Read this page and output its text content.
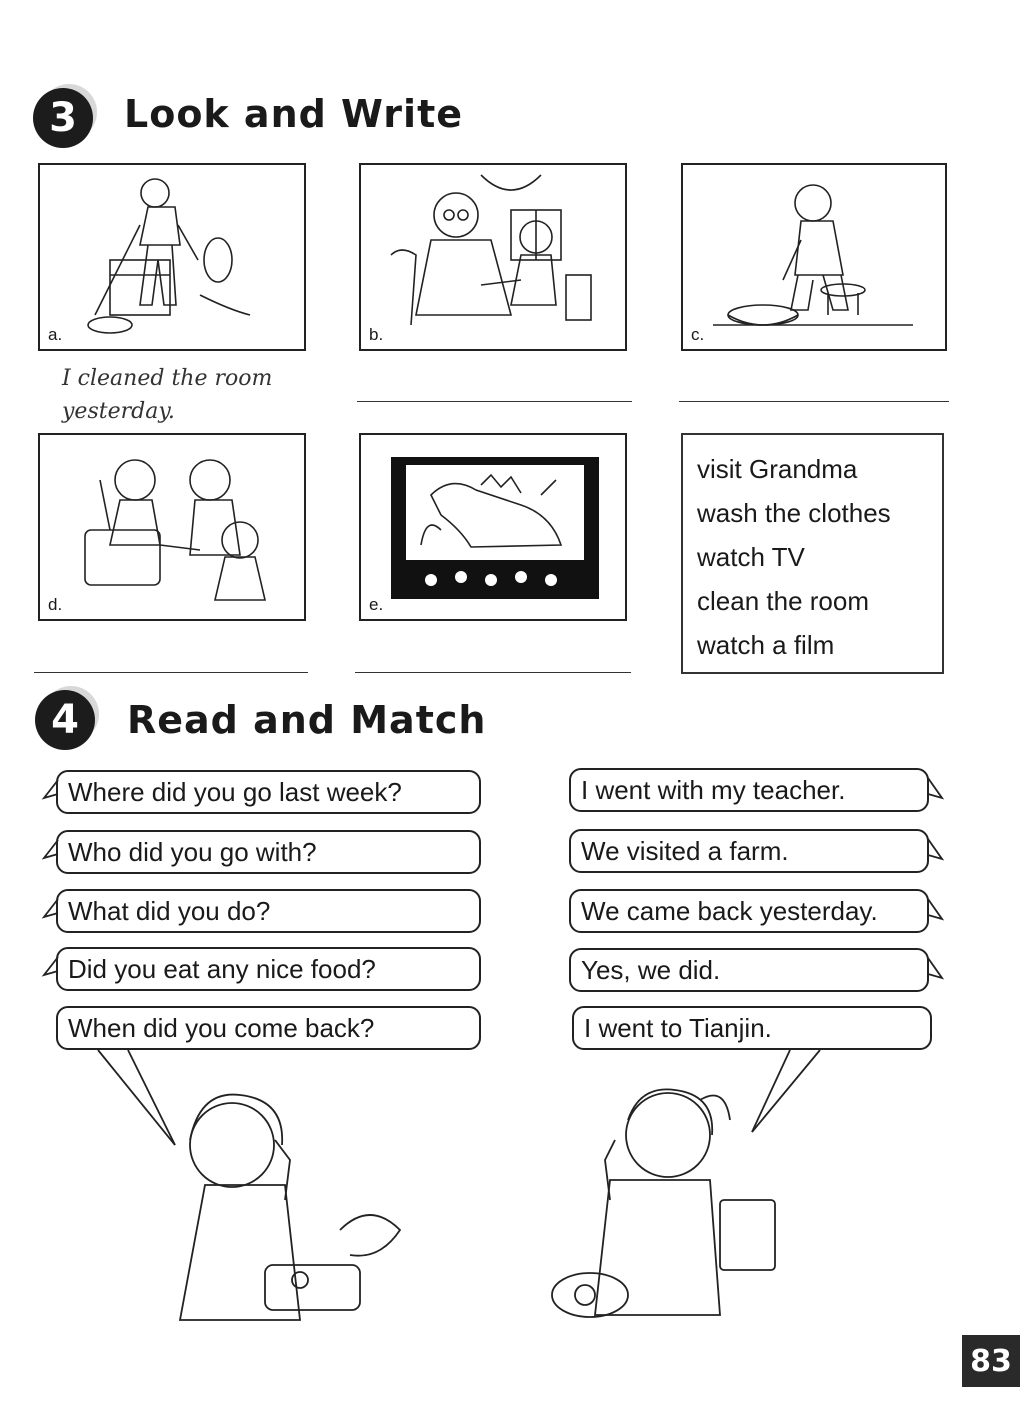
3	Look and Write
a.	b.	c.
I cleaned the room
yesterday.
d.	e.
visit Grandma
wash the clothes
watch TV
clean the room
watch a film
4	Read and Match
Where did you go last week?
Who did you go with?
What did you do?
Did you eat any nice food?
When did you come back?
I went with my teacher.
We visited a farm.
We came back yesterday.
Yes, we did.
I went to Tianjin.
83
